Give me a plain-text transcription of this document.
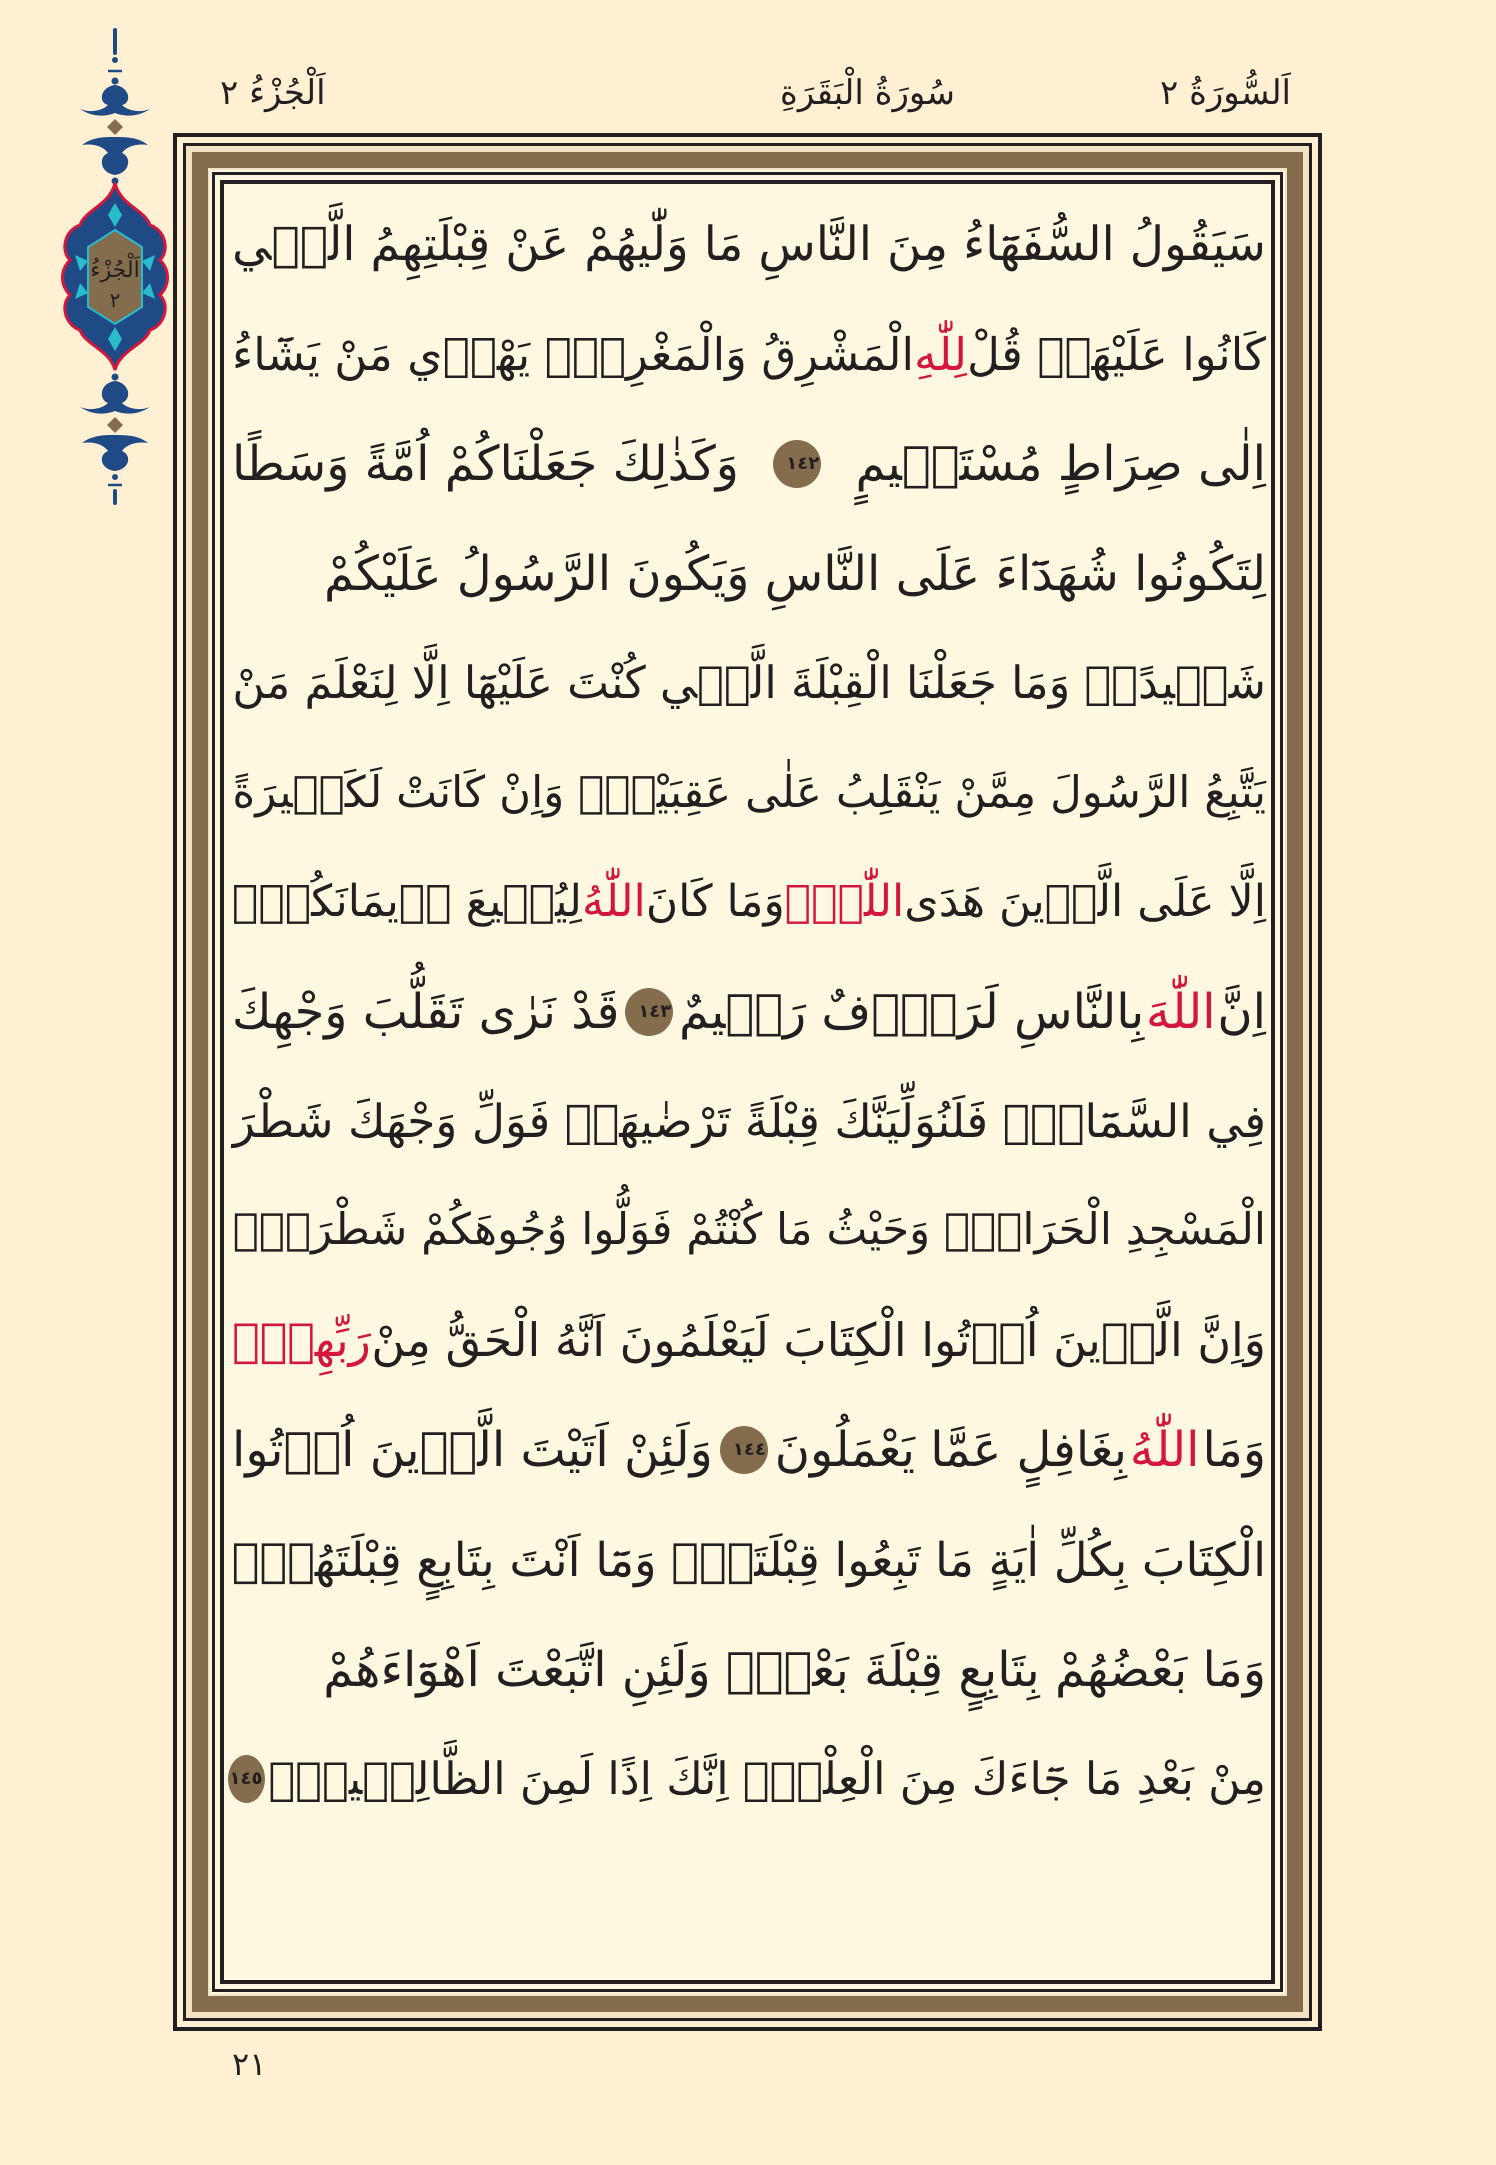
اَلْجُزْءُ ٢	سُورَةُ الْبَقَرَةِ	اَلسُّورَةُ ٢
اَلْجُزْءُ
٢
سَيَقُولُ السُّفَهَٓاءُ مِنَ النَّاسِ مَا وَلّٰيهُمْ عَنْ قِبْلَتِهِمُ الَّت۪ي
كَانُوا عَلَيْهَاۜ قُلْ
لِلّٰهِ
الْمَشْرِقُ وَالْمَغْرِبُۜ يَهْد۪ي مَنْ يَشَٓاءُ
اِلٰى صِرَاطٍ مُسْتَق۪يمٍ
١٤٢
وَكَذٰلِكَ جَعَلْنَاكُمْ اُمَّةً وَسَطًا
لِتَكُونُوا شُهَدَٓاءَ عَلَى النَّاسِ وَيَكُونَ الرَّسُولُ عَلَيْكُمْ
شَه۪يدًاۜ وَمَا جَعَلْنَا الْقِبْلَةَ الَّت۪ي كُنْتَ عَلَيْهَٓا اِلَّا لِنَعْلَمَ مَنْ
يَتَّبِعُ الرَّسُولَ مِمَّنْ يَنْقَلِبُ عَلٰى عَقِبَيْهِۜ وَاِنْ كَانَتْ لَكَب۪يرَةً
اِلَّا عَلَى الَّذ۪ينَ هَدَى
اللّٰهُۜ
وَمَا كَانَ
اللّٰهُ
لِيُض۪يعَ ا۪يمَانَكُمْۜ
اِنَّ
اللّٰهَ
بِالنَّاسِ لَرَؤُ۫فٌ رَح۪يمٌ
١٤٣
قَدْ نَرٰى تَقَلُّبَ وَجْهِكَ
فِي السَّمَٓاءِۚ فَلَنُوَلِّيَنَّكَ قِبْلَةً تَرْضٰيهَاۖ فَوَلِّ وَجْهَكَ شَطْرَ
الْمَسْجِدِ الْحَرَامِۜ وَحَيْثُ مَا كُنْتُمْ فَوَلُّوا وُجُوهَكُمْ شَطْرَهُۜ
وَاِنَّ الَّذ۪ينَ اُو۫تُوا الْكِتَابَ لَيَعْلَمُونَ اَنَّهُ الْحَقُّ مِنْ
رَبِّهِمْۜ
وَمَا
اللّٰهُ
بِغَافِلٍ عَمَّا يَعْمَلُونَ
١٤٤
وَلَئِنْ اَتَيْتَ الَّذ۪ينَ اُو۫تُوا
الْكِتَابَ بِكُلِّ اٰيَةٍ مَا تَبِعُوا قِبْلَتَكَۚ وَمَٓا اَنْتَ بِتَابِعٍ قِبْلَتَهُمْۚ
وَمَا بَعْضُهُمْ بِتَابِعٍ قِبْلَةَ بَعْضٍۜ وَلَئِنِ اتَّبَعْتَ اَهْوَٓاءَهُمْ
مِنْ بَعْدِ مَا جَٓاءَكَ مِنَ الْعِلْمِۙ اِنَّكَ اِذًا لَمِنَ الظَّالِم۪ينَۢ
١٤٥
٢١
